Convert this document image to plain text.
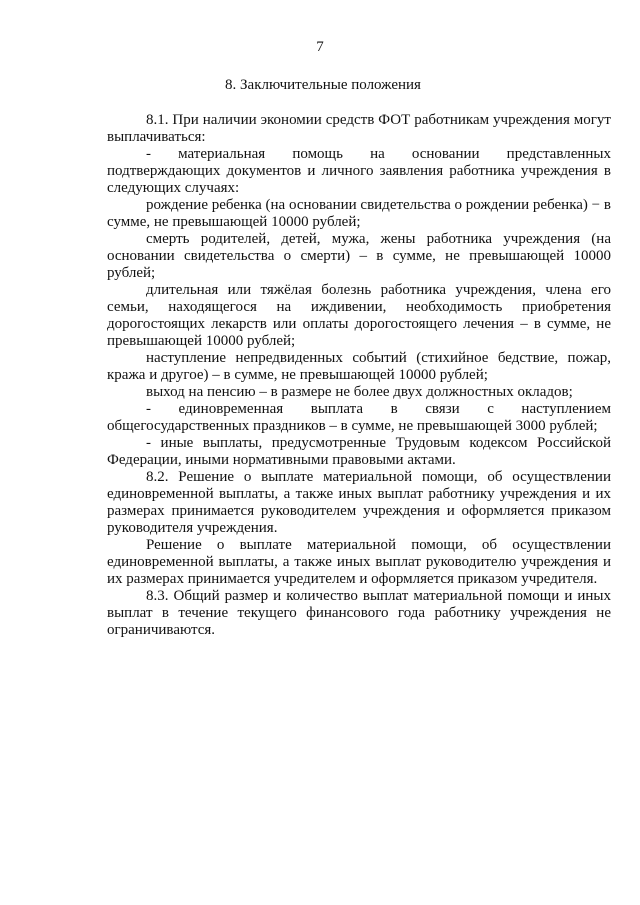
7
8. Заключительные положения

8.1. При наличии экономии средств ФОТ работникам учреждения могут выплачиваться:

- материальная помощь на основании представленных подтверждающих документов и личного заявления работника учреждения в следующих случаях:

рождение ребенка (на основании свидетельства о рождении ребенка) − в сумме, не превышающей 10000 рублей;

смерть родителей, детей, мужа, жены работника учреждения (на основании свидетельства о смерти) – в сумме, не превышающей 10000 рублей;

длительная или тяжёлая болезнь работника учреждения, члена его семьи, находящегося на иждивении, необходимость приобретения дорогостоящих лекарств или оплаты дорогостоящего лечения – в сумме, не превышающей 10000 рублей;

наступление непредвиденных событий (стихийное бедствие, пожар, кража и другое) – в сумме, не превышающей 10000 рублей;

выход на пенсию – в размере не более двух должностных окладов;

- единовременная выплата в связи с наступлением общегосударственных праздников – в сумме, не превышающей 3000 рублей;

- иные выплаты, предусмотренные Трудовым кодексом Российской Федерации, иными нормативными правовыми актами.

8.2. Решение о выплате материальной помощи, об осуществлении единовременной выплаты, а также иных выплат работнику учреждения и их размерах принимается руководителем учреждения и оформляется приказом руководителя учреждения.

Решение о выплате материальной помощи, об осуществлении единовременной выплаты, а также иных выплат руководителю учреждения и их размерах принимается учредителем и оформляется приказом учредителя.

8.3. Общий размер и количество выплат материальной помощи и иных выплат в течение текущего финансового года работнику учреждения не ограничиваются.
